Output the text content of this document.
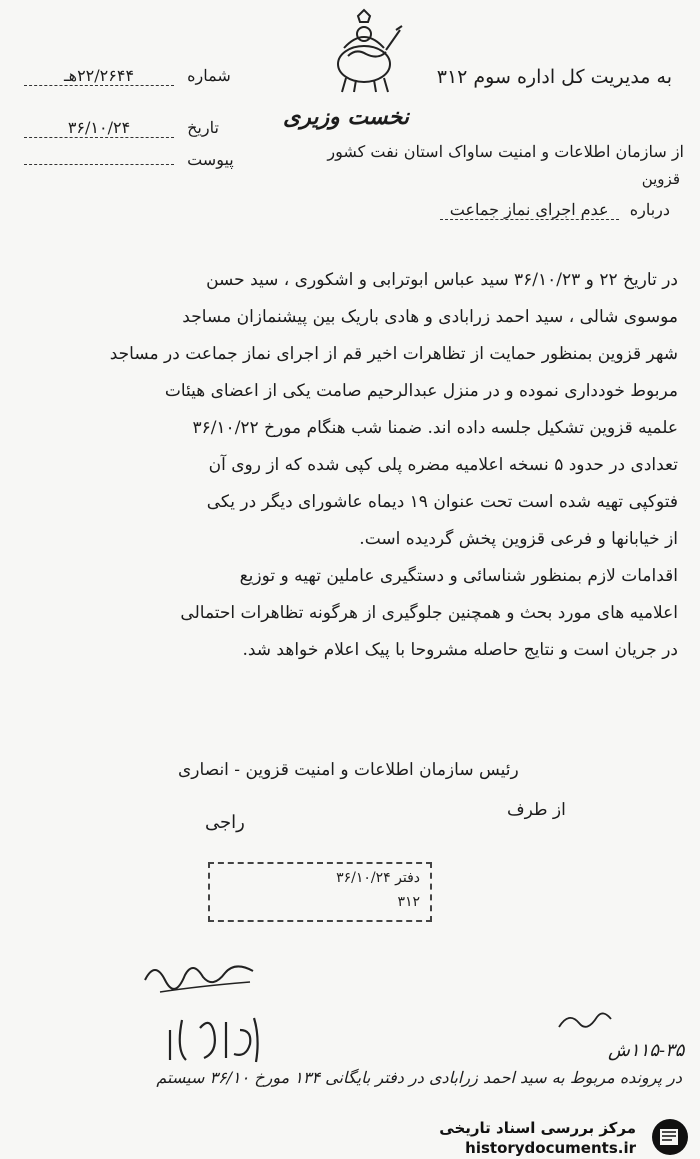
به مدیریت کل اداره سوم ۳۱۲
شماره ۲۲/۲۶۴۴هـ
تاریخ ۳۶/۱۰/۲۴
پیوست
نخست وزیری
از سازمان اطلاعات و امنیت ساواک استان نفت کشور
قزوین
درباره عدم اجرای نماز جماعت

در تاریخ ۲۲ و ۳۶/۱۰/۲۳ سید عباس ابوترابی و اشکوری ، سید حسن

موسوی شالی ، سید احمد زرابادی و هادی باریک بین پیشنمازان مساجد

شهر قزوین بمنظور حمایت از تظاهرات اخیر قم از اجرای نماز جماعت در مساجد

مربوط خودداری نموده و در منزل عبدالرحیم صامت یکی از اعضای هیئات

علمیه قزوین تشکیل جلسه داده اند. ضمنا شب هنگام مورخ ۳۶/۱۰/۲۲

تعدادی در حدود ۵ نسخه اعلامیه مضره پلی کپی شده که از روی آن

فتوکپی تهیه شده است تحت عنوان ۱۹ دیماه عاشورای دیگر در یکی

از خیابانها و فرعی قزوین پخش گردیده است.

اقدامات لازم بمنظور شناسائی و دستگیری عاملین تهیه و توزیع

اعلامیه های مورد بحث و همچنین جلوگیری از هرگونه تظاهرات احتمالی

در جریان است و نتایج حاصله مشروحا با پیک اعلام خواهد شد.

رئیس سازمان اطلاعات و امنیت قزوین - انصاری
از طرف
راجی
دفتر ۳۶/۱۰/۲۴
۳۱۲
۱۱۵-۳۵ش
در پرونده مربوط به سید احمد زرابادی در دفتر بایگانی ۱۳۴ مورخ ۳۶/۱۰ سیستم
مرکز بررسی اسناد تاریخی
historydocuments.ir
